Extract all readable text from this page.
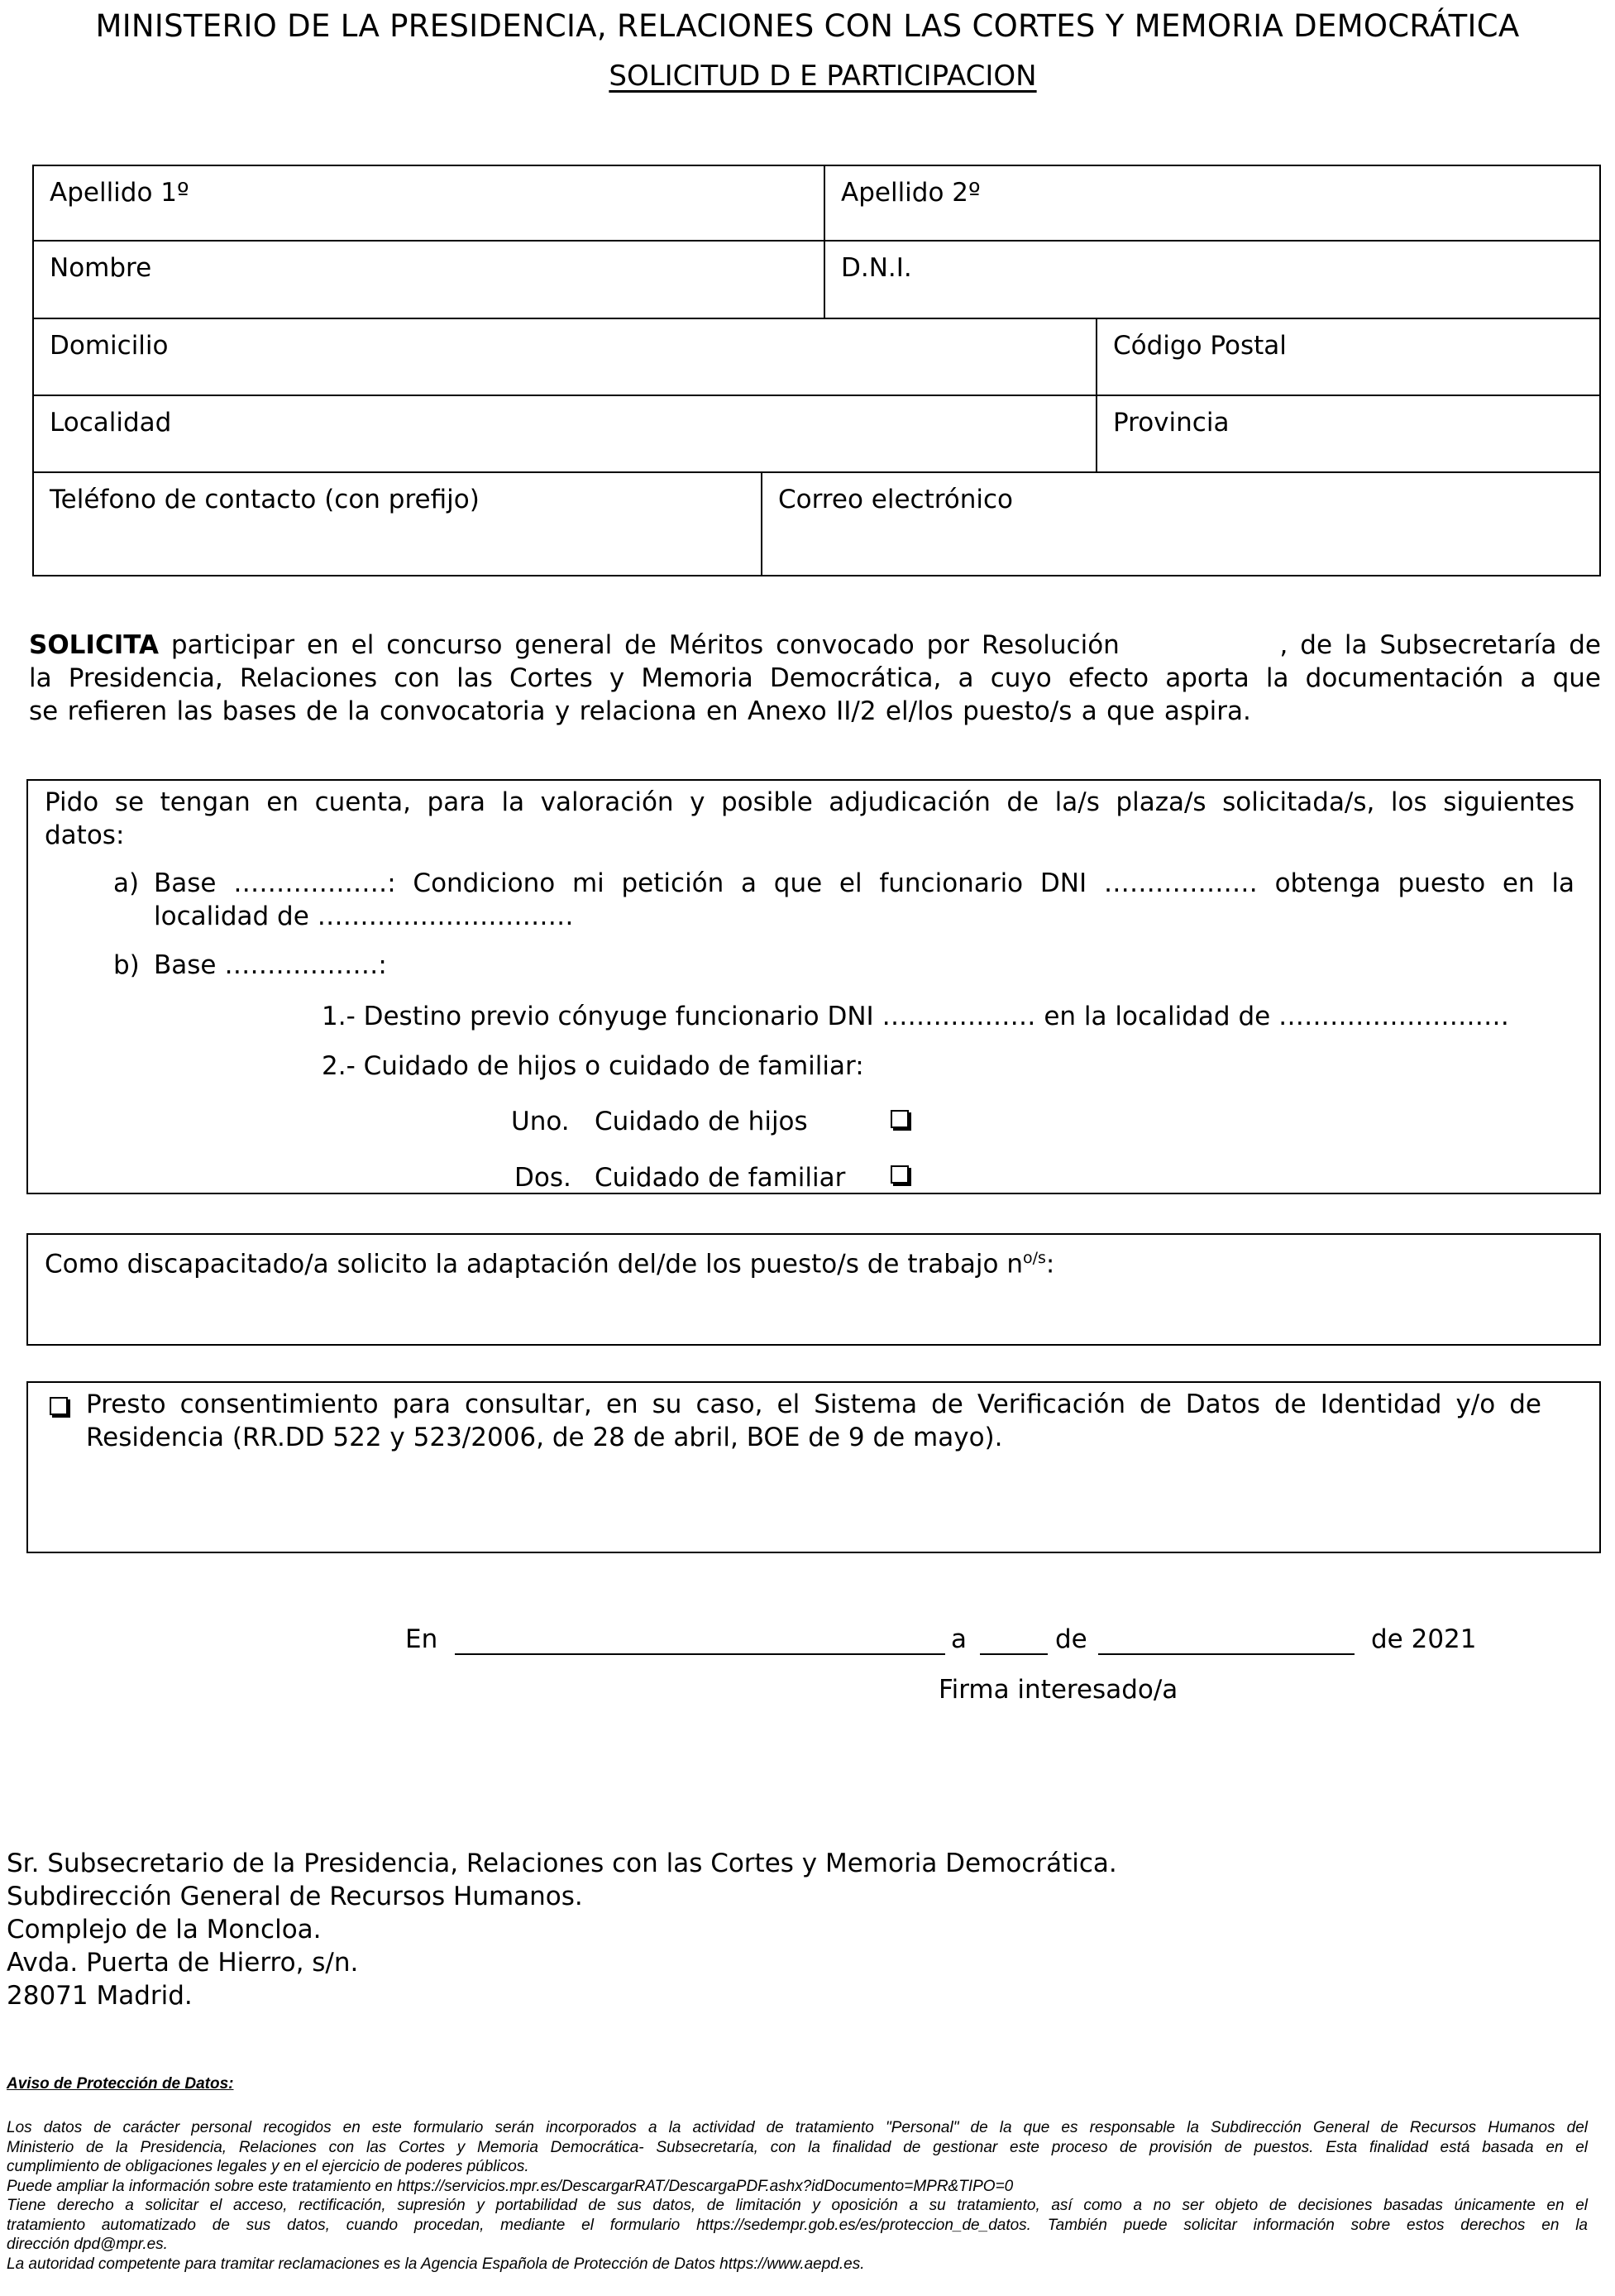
MINISTERIO DE LA PRESIDENCIA, RELACIONES CON LAS CORTES Y MEMORIA DEMOCRÁTICA
SOLICITUD D E PARTICIPACION
Apellido 1º	Apellido 2º
Nombre	D.N.I.
Domicilio	Código Postal
Localidad	Provincia
Teléfono de contacto (con prefijo)	Correo electrónico
SOLICITA participar en el concurso general de Méritos convocado por Resolución             , de la Subsecretaría de
la Presidencia, Relaciones con las Cortes y Memoria Democrática, a cuyo efecto aporta la documentación a que
se refieren las bases de la convocatoria y relaciona en Anexo II/2 el/los puesto/s a que aspira.
Pido se tengan en cuenta, para la valoración y posible adjudicación de la/s plaza/s solicitada/s, los siguientes
datos:
a) Base ………………: Condiciono mi petición a que el funcionario DNI ……………… obtenga puesto en la
localidad de …………………………
b) Base ………………:
1.- Destino previo cónyuge funcionario DNI ……………… en la localidad de ………………………
2.- Cuidado de hijos o cuidado de familiar:
Uno. Cuidado de hijos
Dos. Cuidado de familiar
Como discapacitado/a solicito la adaptación del/de los puesto/s de trabajo $n^{o/s}$:
Presto consentimiento para consultar, en su caso, el Sistema de Verificación de Datos de Identidad y/o de
Residencia (RR.DD 522 y 523/2006, de 28 de abril, BOE de 9 de mayo).
En	a	de	de 2021
Firma interesado/a
Sr. Subsecretario de la Presidencia, Relaciones con las Cortes y Memoria Democrática.
Subdirección General de Recursos Humanos.
Complejo de la Moncloa.
Avda. Puerta de Hierro, s/n.
28071 Madrid.
Aviso de Protección de Datos:
Los datos de carácter personal recogidos en este formulario serán incorporados a la actividad de tratamiento "Personal" de la que es responsable la Subdirección General de Recursos Humanos del
Ministerio de la Presidencia, Relaciones con las Cortes y Memoria Democrática- Subsecretaría, con la finalidad de gestionar este proceso de provisión de puestos. Esta finalidad está basada en el
cumplimiento de obligaciones legales y en el ejercicio de poderes públicos.
Puede ampliar la información sobre este tratamiento en https://servicios.mpr.es/DescargarRAT/DescargaPDF.ashx?idDocumento=MPR&TIPO=0
Tiene derecho a solicitar el acceso, rectificación, supresión y portabilidad de sus datos, de limitación y oposición a su tratamiento, así como a no ser objeto de decisiones basadas únicamente en el
tratamiento automatizado de sus datos, cuando procedan, mediante el formulario https://sedempr.gob.es/es/proteccion_de_datos. También puede solicitar información sobre estos derechos en la
dirección dpd@mpr.es.
La autoridad competente para tramitar reclamaciones es la Agencia Española de Protección de Datos https://www.aepd.es.
